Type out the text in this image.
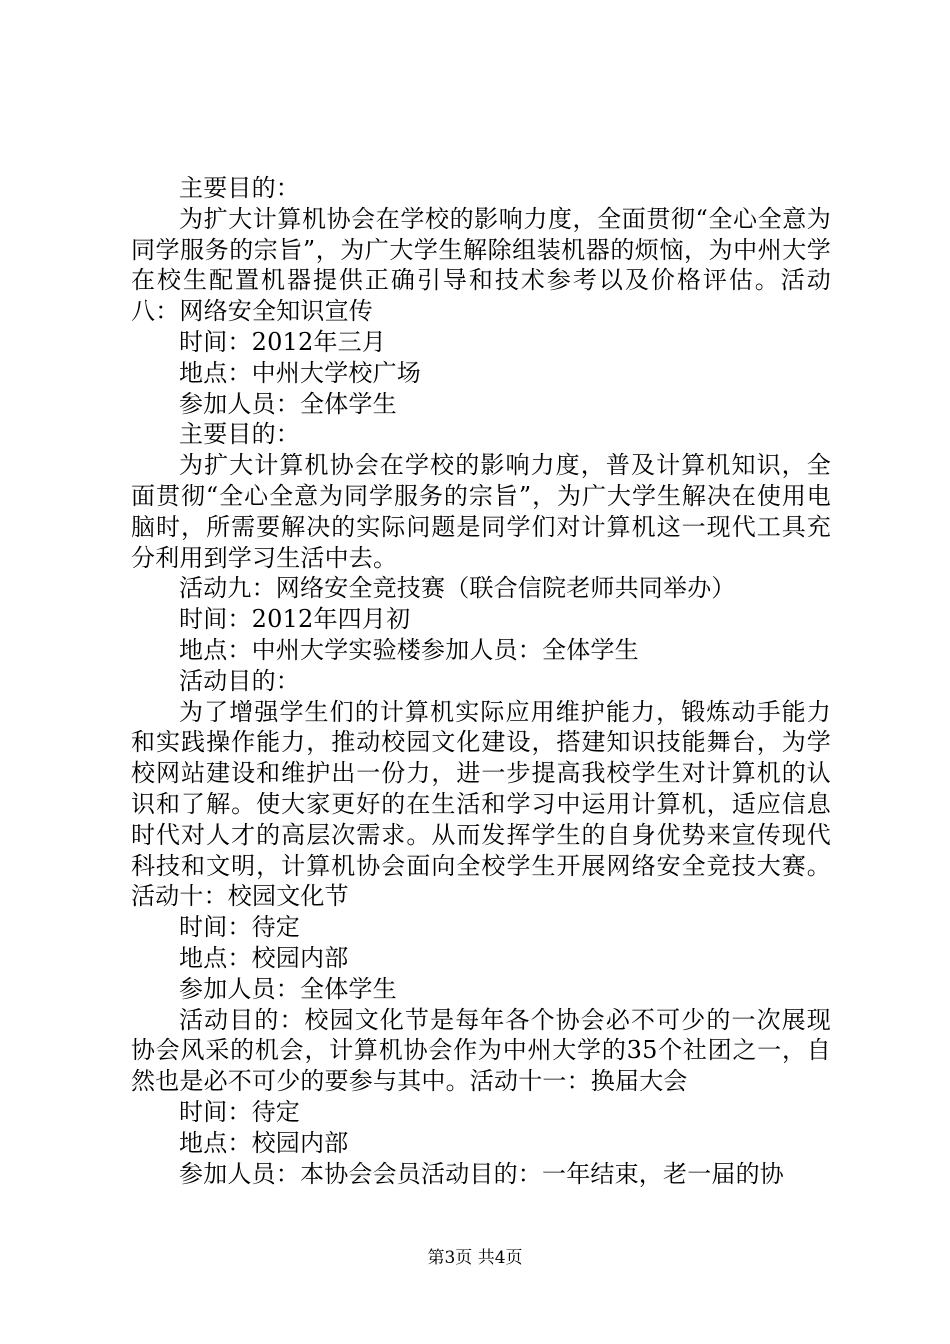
主要目的：

为扩大计算机协会在学校的影响力度，全面贯彻“全心全意为同学服务的宗旨”，为广大学生解除组装机器的烦恼，为中州大学在校生配置机器提供正确引导和技术参考以及价格评估。活动八：网络安全知识宣传

时间：2012年三月

地点：中州大学校广场

参加人员：全体学生

主要目的：

为扩大计算机协会在学校的影响力度，普及计算机知识，全面贯彻“全心全意为同学服务的宗旨”，为广大学生解决在使用电脑时，所需要解决的实际问题是同学们对计算机这一现代工具充分利用到学习生活中去。

活动九：网络安全竞技赛（联合信院老师共同举办）

时间：2012年四月初

地点：中州大学实验楼参加人员：全体学生

活动目的：

为了增强学生们的计算机实际应用维护能力，锻炼动手能力和实践操作能力，推动校园文化建设，搭建知识技能舞台，为学校网站建设和维护出一份力，进一步提高我校学生对计算机的认识和了解。使大家更好的在生活和学习中运用计算机，适应信息时代对人才的高层次需求。从而发挥学生的自身优势来宣传现代科技和文明，计算机协会面向全校学生开展网络安全竞技大赛。活动十：校园文化节

时间：待定

地点：校园内部

参加人员：全体学生

活动目的：校园文化节是每年各个协会必不可少的一次展现协会风采的机会，计算机协会作为中州大学的35个社团之一，自然也是必不可少的要参与其中。活动十一：换届大会

时间：待定

地点：校园内部

参加人员：本协会会员活动目的：一年结束，老一届的协

第3页 共4页
